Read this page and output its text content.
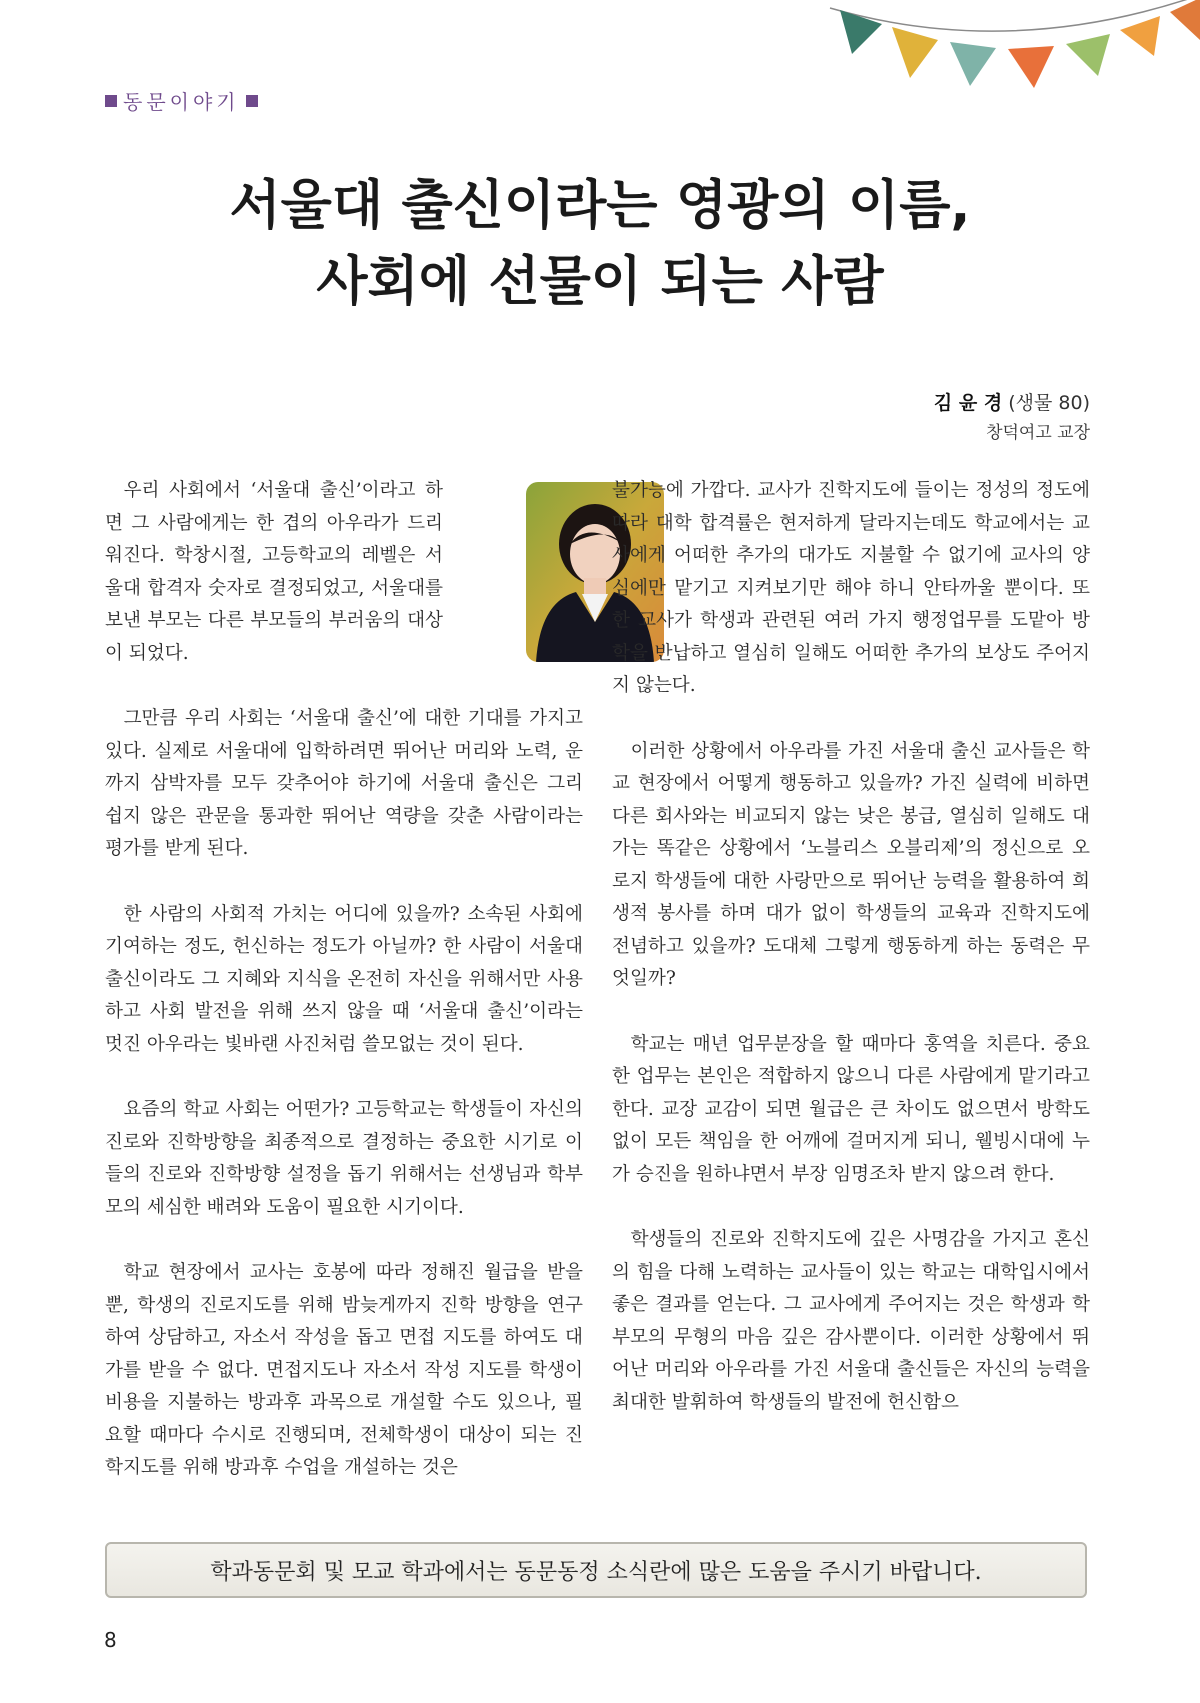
동문이야기
서울대 출신이라는 영광의 이름,
사회에 선물이 되는 사람
김 윤 경 (생물 80)
창덕여고 교장

우리 사회에서 ‘서울대 출신’이라고 하면 그 사람에게는 한 겹의 아우라가 드리워진다. 학창시절, 고등학교의 레벨은 서울대 합격자 숫자로 결정되었고, 서울대를 보낸 부모는 다른 부모들의 부러움의 대상이 되었다.

그만큼 우리 사회는 ‘서울대 출신’에 대한 기대를 가지고 있다. 실제로 서울대에 입학하려면 뛰어난 머리와 노력, 운까지 삼박자를 모두 갖추어야 하기에 서울대 출신은 그리 쉽지 않은 관문을 통과한 뛰어난 역량을 갖춘 사람이라는 평가를 받게 된다.

한 사람의 사회적 가치는 어디에 있을까? 소속된 사회에 기여하는 정도, 헌신하는 정도가 아닐까? 한 사람이 서울대 출신이라도 그 지혜와 지식을 온전히 자신을 위해서만 사용하고 사회 발전을 위해 쓰지 않을 때 ‘서울대 출신’이라는 멋진 아우라는 빛바랜 사진처럼 쓸모없는 것이 된다.

요즘의 학교 사회는 어떤가? 고등학교는 학생들이 자신의 진로와 진학방향을 최종적으로 결정하는 중요한 시기로 이들의 진로와 진학방향 설정을 돕기 위해서는 선생님과 학부모의 세심한 배려와 도움이 필요한 시기이다.

학교 현장에서 교사는 호봉에 따라 정해진 월급을 받을 뿐, 학생의 진로지도를 위해 밤늦게까지 진학 방향을 연구하여 상담하고, 자소서 작성을 돕고 면접 지도를 하여도 대가를 받을 수 없다. 면접지도나 자소서 작성 지도를 학생이 비용을 지불하는 방과후 과목으로 개설할 수도 있으나, 필요할 때마다 수시로 진행되며, 전체학생이 대상이 되는 진학지도를 위해 방과후 수업을 개설하는 것은

불가능에 가깝다. 교사가 진학지도에 들이는 정성의 정도에 따라 대학 합격률은 현저하게 달라지는데도 학교에서는 교사에게 어떠한 추가의 대가도 지불할 수 없기에 교사의 양심에만 맡기고 지켜보기만 해야 하니 안타까울 뿐이다. 또한 교사가 학생과 관련된 여러 가지 행정업무를 도맡아 방학을 반납하고 열심히 일해도 어떠한 추가의 보상도 주어지지 않는다.

이러한 상황에서 아우라를 가진 서울대 출신 교사들은 학교 현장에서 어떻게 행동하고 있을까? 가진 실력에 비하면 다른 회사와는 비교되지 않는 낮은 봉급, 열심히 일해도 대가는 똑같은 상황에서 ‘노블리스 오블리제’의 정신으로 오로지 학생들에 대한 사랑만으로 뛰어난 능력을 활용하여 희생적 봉사를 하며 대가 없이 학생들의 교육과 진학지도에 전념하고 있을까? 도대체 그렇게 행동하게 하는 동력은 무엇일까?

학교는 매년 업무분장을 할 때마다 홍역을 치른다. 중요한 업무는 본인은 적합하지 않으니 다른 사람에게 맡기라고 한다. 교장 교감이 되면 월급은 큰 차이도 없으면서 방학도 없이 모든 책임을 한 어깨에 걸머지게 되니, 웰빙시대에 누가 승진을 원하냐면서 부장 임명조차 받지 않으려 한다.

학생들의 진로와 진학지도에 깊은 사명감을 가지고 혼신의 힘을 다해 노력하는 교사들이 있는 학교는 대학입시에서 좋은 결과를 얻는다. 그 교사에게 주어지는 것은 학생과 학부모의 무형의 마음 깊은 감사뿐이다. 이러한 상황에서 뛰어난 머리와 아우라를 가진 서울대 출신들은 자신의 능력을 최대한 발휘하여 학생들의 발전에 헌신함으

학과동문회 및 모교 학과에서는 동문동정 소식란에 많은 도움을 주시기 바랍니다.
8
